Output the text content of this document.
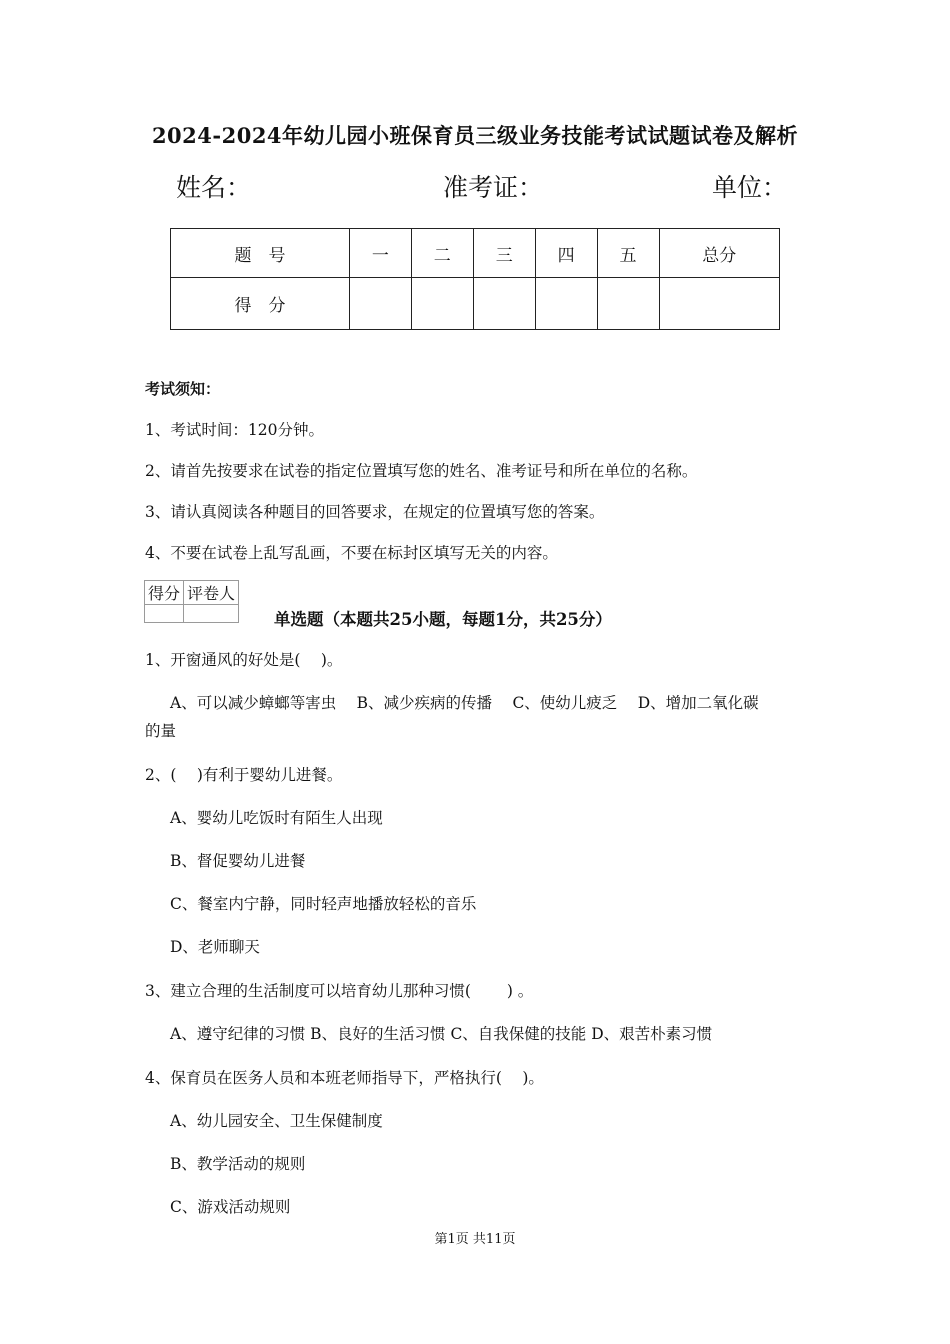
2024-2024年幼儿园小班保育员三级业务技能考试试题试卷及解析
姓名：	准考证：	单位：
题　号	一	二	三	四	五	总分
得　分						
考试须知：
1、考试时间：120分钟。
2、请首先按要求在试卷的指定位置填写您的姓名、准考证号和所在单位的名称。
3、请认真阅读各种题目的回答要求，在规定的位置填写您的答案。
4、不要在试卷上乱写乱画，不要在标封区填写无关的内容。
得分	评卷人

单选题（本题共25小题，每题1分，共25分）
1、开窗通风的好处是(　 )。
A、可以减少蟑螂等害虫　 B、减少疾病的传播　 C、使幼儿疲乏　 D、增加二氧化碳
的量
2、(　 )有利于婴幼儿进餐。
A、婴幼儿吃饭时有陌生人出现
B、督促婴幼儿进餐
C、餐室内宁静，同时轻声地播放轻松的音乐
D、老师聊天
3、建立合理的生活制度可以培育幼儿那种习惯(　　 ) 。
A、遵守纪律的习惯 B、良好的生活习惯 C、自我保健的技能 D、艰苦朴素习惯
4、保育员在医务人员和本班老师指导下，严格执行(　 )。
A、幼儿园安全、卫生保健制度
B、教学活动的规则
C、游戏活动规则
第1页 共11页
